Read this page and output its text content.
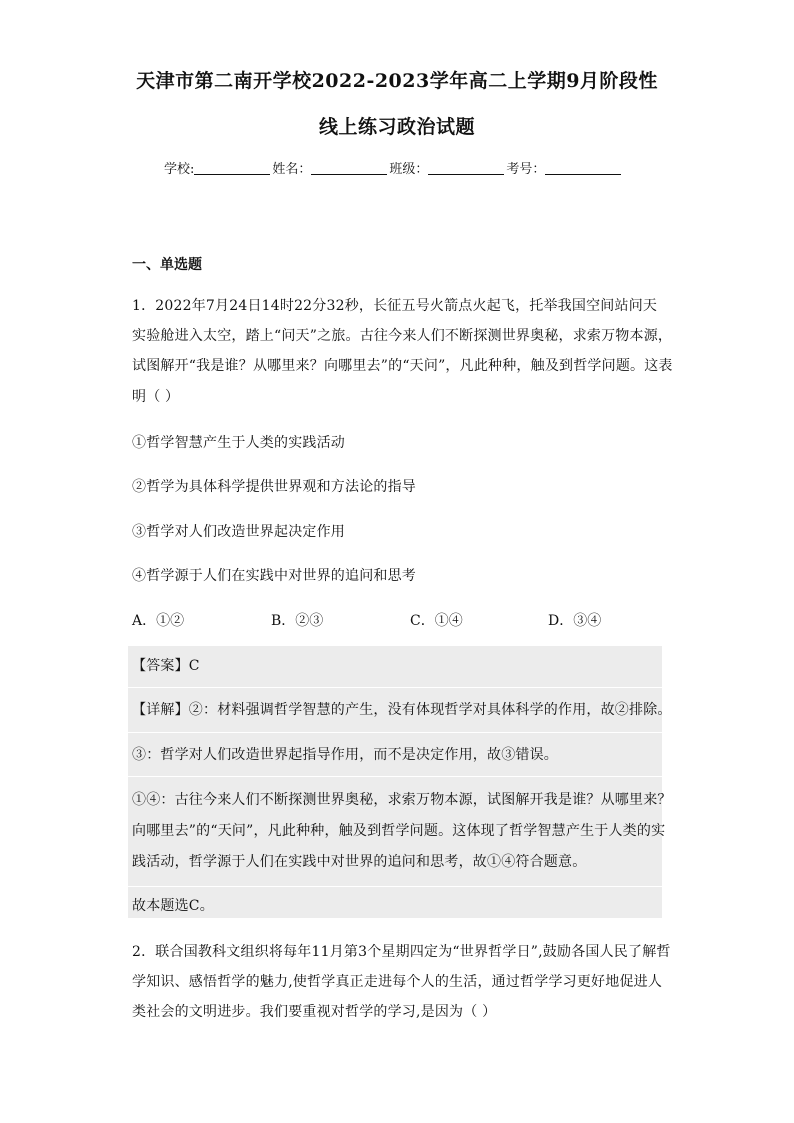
天津市第二南开学校2022-2023学年高二上学期9月阶段性
线上练习政治试题
学校:	姓名：	班级：	考号：
一、单选题
1．2022年7月24日14时22分32秒，长征五号火箭点火起飞，托举我国空间站问天
实验舱进入太空，踏上“问天”之旅。古往今来人们不断探测世界奥秘，求索万物本源，
试图解开“我是谁？从哪里来？向哪里去”的“天问”，凡此种种，触及到哲学问题。这表
明（ ）
①哲学智慧产生于人类的实践活动
②哲学为具体科学提供世界观和方法论的指导
③哲学对人们改造世界起决定作用
④哲学源于人们在实践中对世界的追问和思考
A．①②	B．②③	C．①④	D．③④
【答案】C
【详解】②：材料强调哲学智慧的产生，没有体现哲学对具体科学的作用，故②排除。
③：哲学对人们改造世界起指导作用，而不是决定作用，故③错误。
①④：古往今来人们不断探测世界奥秘，求索万物本源，试图解开我是谁？从哪里来？
向哪里去”的“天问”，凡此种种，触及到哲学问题。这体现了哲学智慧产生于人类的实
践活动，哲学源于人们在实践中对世界的追问和思考，故①④符合题意。
故本题选C。
2．联合国教科文组织将每年11月第3个星期四定为“世界哲学日”,鼓励各国人民了解哲
学知识、感悟哲学的魅力,使哲学真正走进每个人的生活，通过哲学学习更好地促进人
类社会的文明进步。我们要重视对哲学的学习,是因为（ ）
